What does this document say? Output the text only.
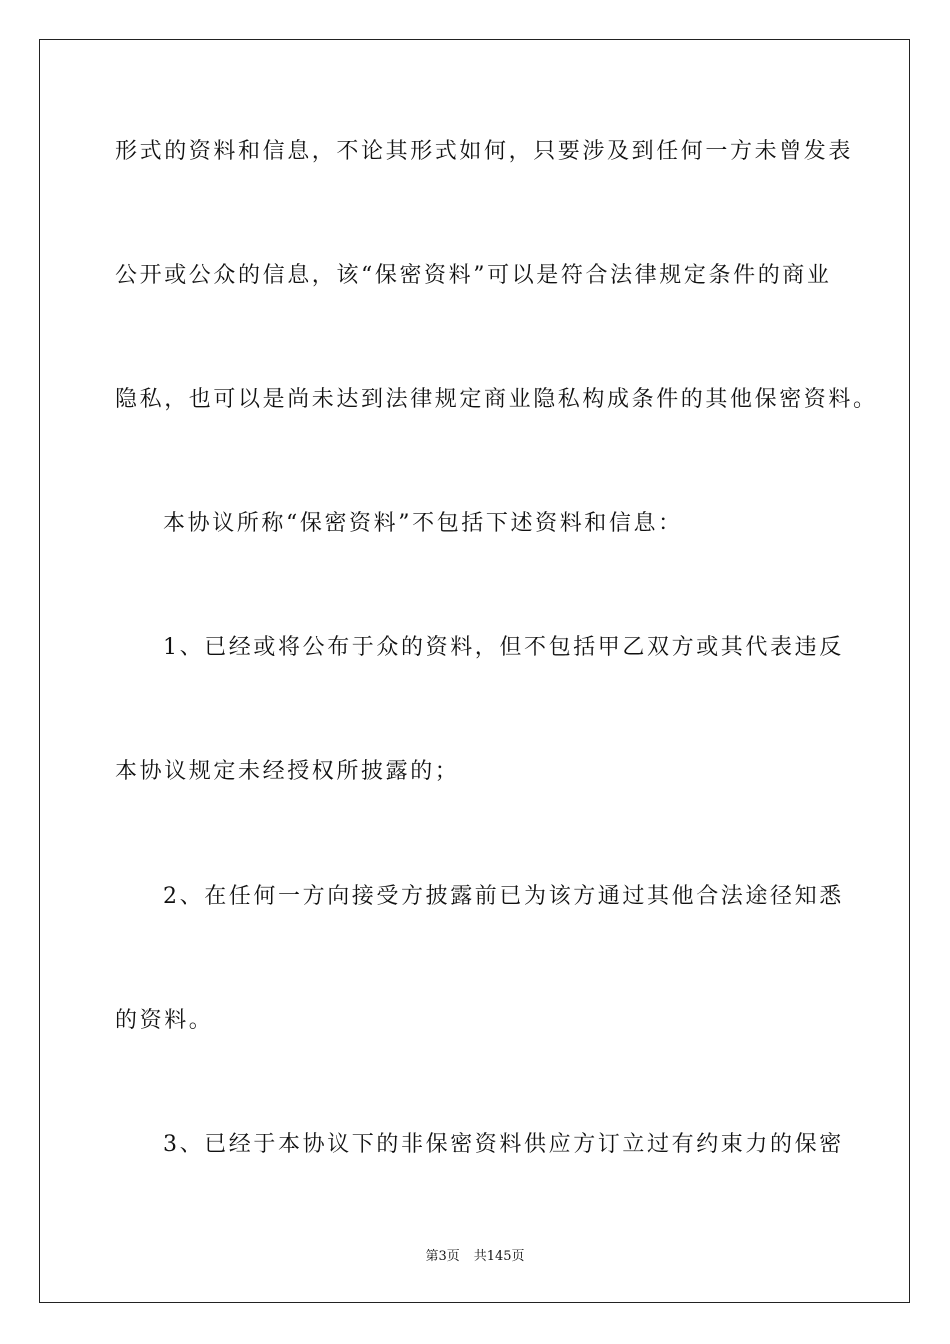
形式的资料和信息，不论其形式如何，只要涉及到任何一方未曾发表
公开或公众的信息，该“保密资料”可以是符合法律规定条件的商业
隐私，也可以是尚未达到法律规定商业隐私构成条件的其他保密资料。
本协议所称“保密资料”不包括下述资料和信息：
1、已经或将公布于众的资料，但不包括甲乙双方或其代表违反
本协议规定未经授权所披露的；
2、在任何一方向接受方披露前已为该方通过其他合法途径知悉
的资料。
3、已经于本协议下的非保密资料供应方订立过有约束力的保密
第3页 共145页
